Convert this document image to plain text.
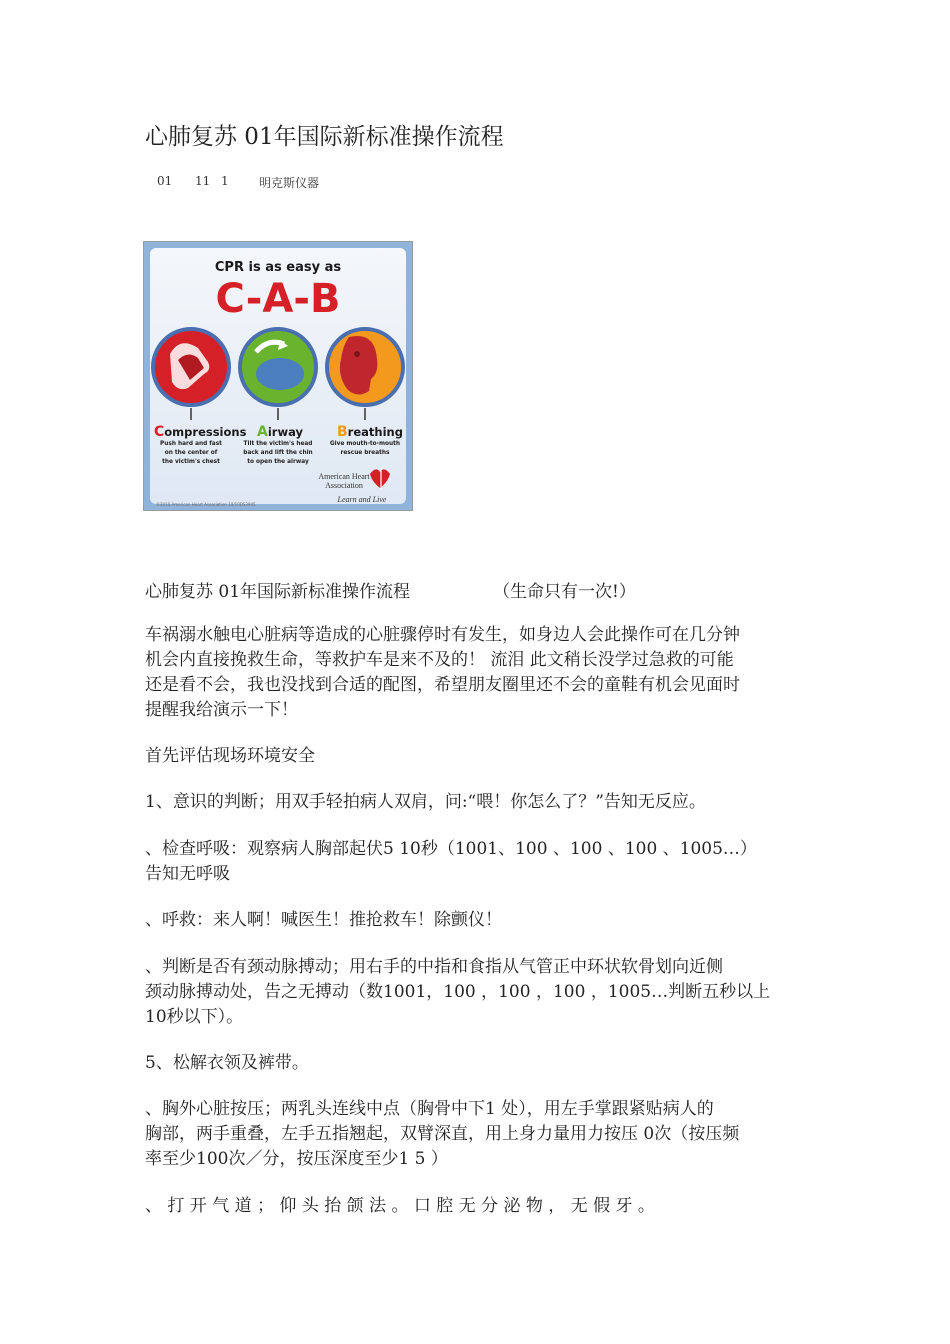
心肺复苏 01年国际新标准操作流程
01 11 1	明克斯仪器
CPR is as easy as
C-A-B
Compressions Airway Breathing
Push hard and fast
on the center of
the victim's chest
Tilt the victim's head
back and lift the chin
to open the airway
Give mouth-to-mouth
rescue breaths
American Heart
Association
Learn and Live
©2010 American Heart Association 10/10DS3945
心肺复苏 01年国际新标准操作流程	（生命只有一次!）
车祸溺水触电心脏病等造成的心脏骤停时有发生，如身边人会此操作可在几分钟
机会内直接挽救生命，等救护车是来不及的！ 流泪 此文稍长没学过急救的可能
还是看不会，我也没找到合适的配图，希望朋友圈里还不会的童鞋有机会见面时
提醒我给演示一下！
首先评估现场环境安全
1、意识的判断；用双手轻拍病人双肩，问:“喂！你怎么了？”告知无反应。
、检查呼吸：观察病人胸部起伏5 10秒（1001、100 、100 、100 、1005…）
告知无呼吸
、呼救：来人啊！喊医生！推抢救车！除颤仪！
、判断是否有颈动脉搏动；用右手的中指和食指从气管正中环状软骨划向近侧
颈动脉搏动处，告之无搏动（数1001，100 ，100 ，100 ，1005…判断五秒以上
10秒以下）。
5、松解衣领及裤带。
、胸外心脏按压；两乳头连线中点（胸骨中下1 处），用左手掌跟紧贴病人的
胸部，两手重叠，左手五指翘起，双臂深直，用上身力量用力按压 0次（按压频
率至少100次／分，按压深度至少1 5 ）
、 打 开 气 道 ； 仰 头 抬 颌 法 。 口 腔 无 分 泌 物 ， 无 假 牙 。
